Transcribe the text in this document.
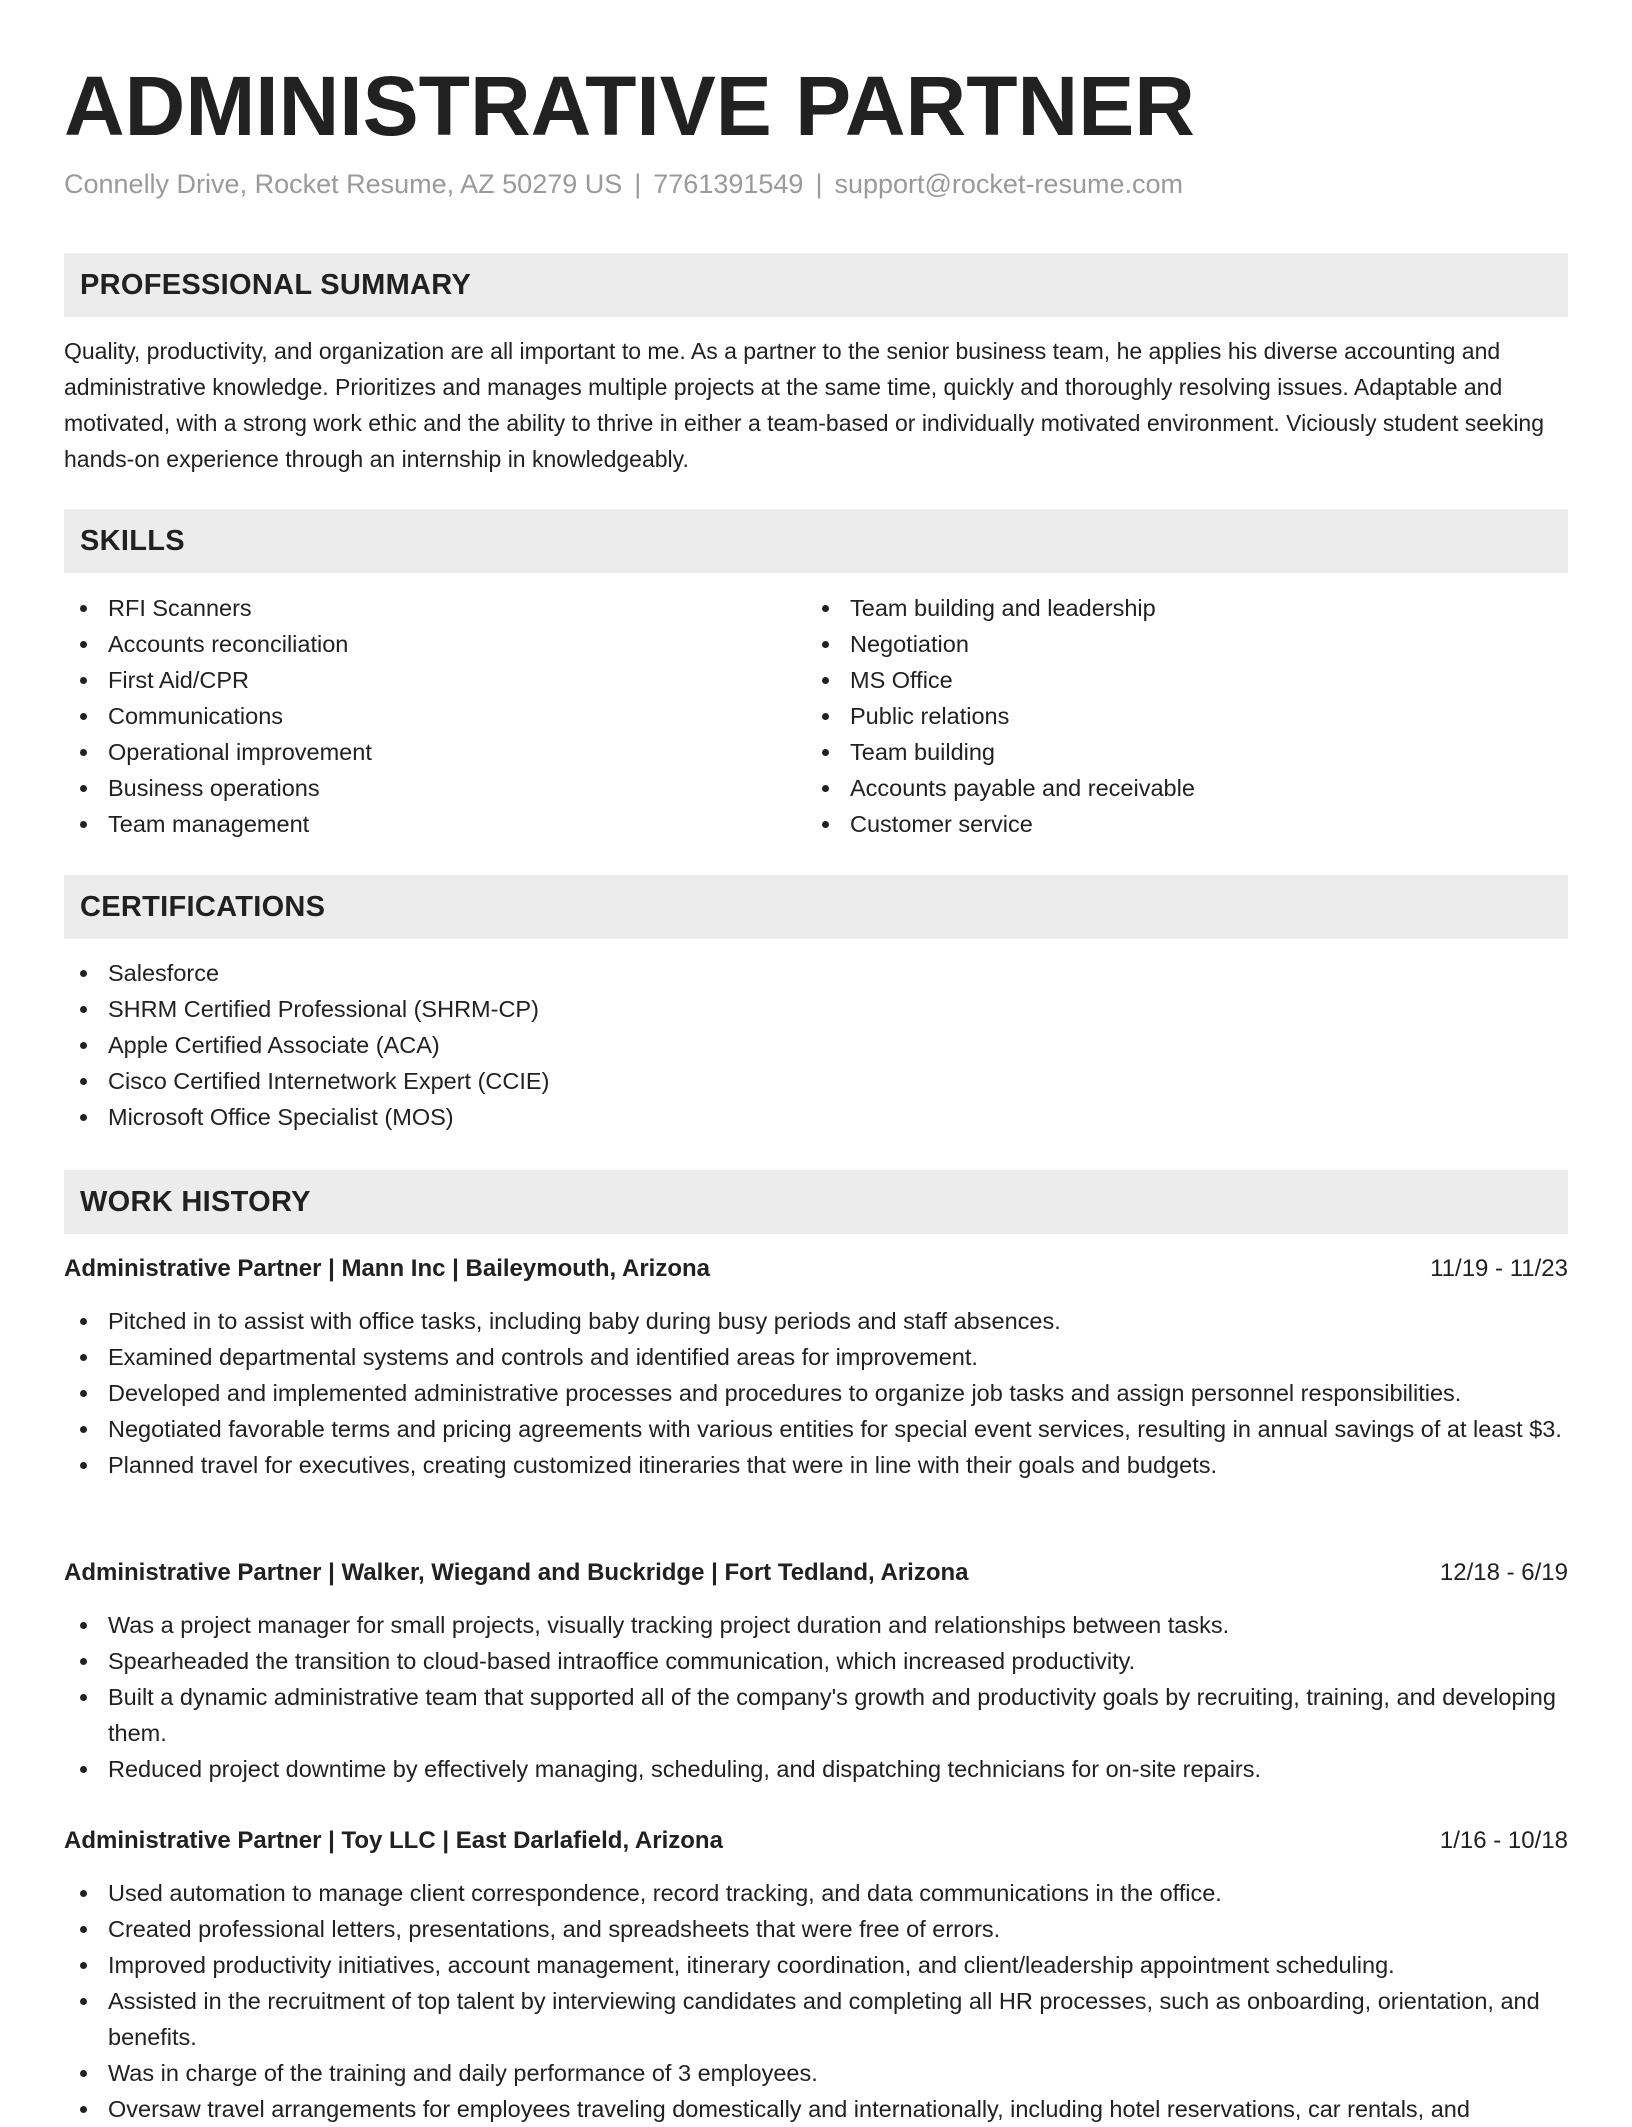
ADMINISTRATIVE PARTNER
Connelly Drive, Rocket Resume, AZ 50279 US | 7761391549 | support@rocket-resume.com
PROFESSIONAL SUMMARY

Quality, productivity, and organization are all important to me. As a partner to the senior business team, he applies his diverse accounting and administrative knowledge. Prioritizes and manages multiple projects at the same time, quickly and thoroughly resolving issues. Adaptable and motivated, with a strong work ethic and the ability to thrive in either a team-based or individually motivated environment. Viciously student seeking hands-on experience through an internship in knowledgeably.

SKILLS
RFI Scanners
Accounts reconciliation
First Aid/CPR
Communications
Operational improvement
Business operations
Team management
Team building and leadership
Negotiation
MS Office
Public relations
Team building
Accounts payable and receivable
Customer service
CERTIFICATIONS
Salesforce
SHRM Certified Professional (SHRM-CP)
Apple Certified Associate (ACA)
Cisco Certified Internetwork Expert (CCIE)
Microsoft Office Specialist (MOS)
WORK HISTORY
Administrative Partner | Mann Inc | Baileymouth, Arizona	11/19 - 11/23
Pitched in to assist with office tasks, including baby during busy periods and staff absences.
Examined departmental systems and controls and identified areas for improvement.
Developed and implemented administrative processes and procedures to organize job tasks and assign personnel responsibilities.
Negotiated favorable terms and pricing agreements with various entities for special event services, resulting in annual savings of at least $3.
Planned travel for executives, creating customized itineraries that were in line with their goals and budgets.
Administrative Partner | Walker, Wiegand and Buckridge | Fort Tedland, Arizona	12/18 - 6/19
Was a project manager for small projects, visually tracking project duration and relationships between tasks.
Spearheaded the transition to cloud-based intraoffice communication, which increased productivity.
Built a dynamic administrative team that supported all of the company's growth and productivity goals by recruiting, training, and developing them.
Reduced project downtime by effectively managing, scheduling, and dispatching technicians for on-site repairs.
Administrative Partner | Toy LLC | East Darlafield, Arizona	1/16 - 10/18
Used automation to manage client correspondence, record tracking, and data communications in the office.
Created professional letters, presentations, and spreadsheets that were free of errors.
Improved productivity initiatives, account management, itinerary coordination, and client/leadership appointment scheduling.
Assisted in the recruitment of top talent by interviewing candidates and completing all HR processes, such as onboarding, orientation, and benefits.
Was in charge of the training and daily performance of 3 employees.
Oversaw travel arrangements for employees traveling domestically and internationally, including hotel reservations, car rentals, and
